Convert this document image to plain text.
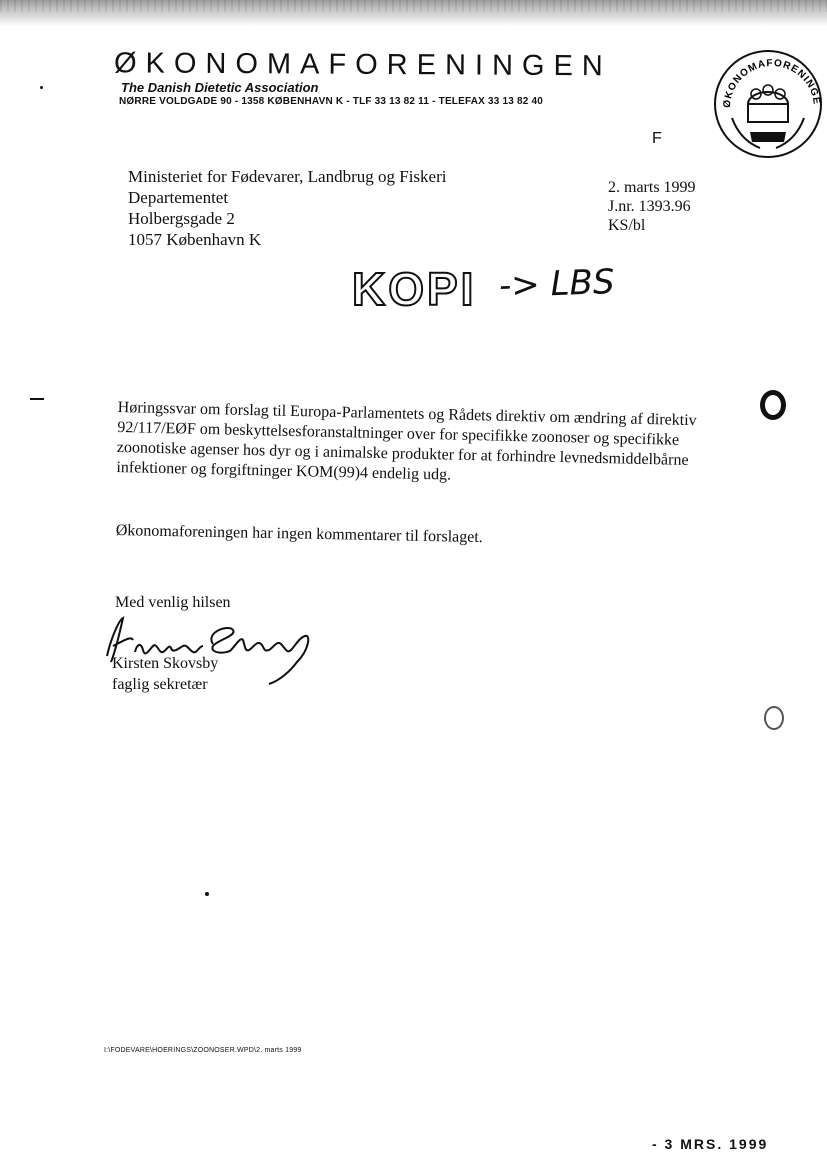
ØKONOMAFORENINGEN
The Danish Dietetic Association
NØRRE VOLDGADE 90 - 1358 KØBENHAVN K - TLF 33 13 82 11 - TELEFAX 33 13 82 40	ØKONOMAFORENINGE
F
Ministeriet for Fødevarer, Landbrug og Fiskeri
Departementet
Holbergsgade 2
1057 København K
2. marts 1999
J.nr. 1393.96
KS/bl
KOPI -> LBS
Høringssvar om forslag til Europa-Parlamentets og Rådets direktiv om ændring af direktiv 92/117/EØF om beskyttelsesforanstaltninger over for specifikke zoonoser og specifikke zoonotiske agenser hos dyr og i animalske produkter for at forhindre levnedsmiddelbårne infektioner og forgiftninger KOM(99)4 endelig udg.
Økonomaforeningen har ingen kommentarer til forslaget.
Med venlig hilsen
Kirsten Skovsby
faglig sekretær
I:\FODEVARE\HOERINGS\ZOONOSER.WPD\2. marts 1999
- 3 MRS. 1999
